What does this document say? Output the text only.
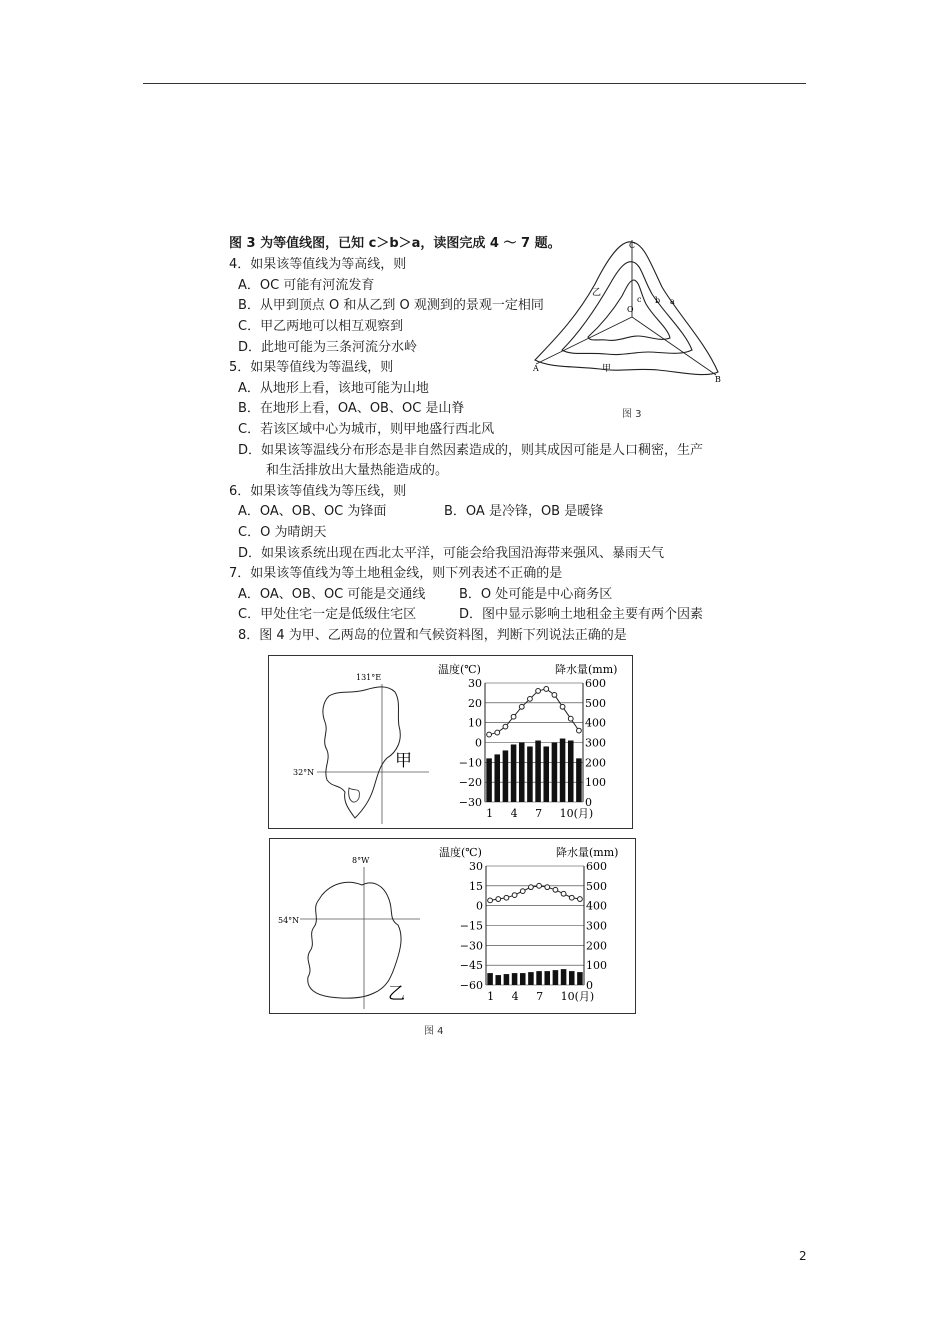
C
c b a
O
乙
甲
A
B
图 3
图 3 为等值线图，已知 c＞b＞a，读图完成 4 ～ 7 题。
4．如果该等值线为等高线，则
A．OC 可能有河流发育
B．从甲到顶点 O 和从乙到 O 观测到的景观一定相同
C．甲乙两地可以相互观察到
D．此地可能为三条河流分水岭
5．如果等值线为等温线，则
A．从地形上看，该地可能为山地
B．在地形上看，OA、OB、OC 是山脊
C．若该区域中心为城市，则甲地盛行西北风
D．如果该等温线分布形态是非自然因素造成的，则其成因可能是人口稠密，生产
和生活排放出大量热能造成的。
6．如果该等值线为等压线，则
A．OA、OB、OC 为锋面	B．OA 是冷锋，OB 是暖锋
C．O 为晴朗天
D．如果该系统出现在西北太平洋，可能会给我国沿海带来强风、暴雨天气
7．如果该等值线为等土地租金线，则下列表述不正确的是
A．OA、OB、OC 可能是交通线	B．O 处可能是中心商务区
C．甲处住宅一定是低级住宅区	D．图中显示影响土地租金主要有两个因素
8．图 4 为甲、乙两岛的位置和气候资料图，判断下列说法正确的是
131°E
32°N
甲
温度(℃)	降水量(mm)
30	600
20	500
10	400
0	300
−10	200
−20	100
−30	0
1 4 7 10(月)
8°W
54°N
乙
温度(℃)	降水量(mm)
30	600
15	500
0	400
−15	300
−30	200
−45	100
−60	0
1 4 7 10(月)
图 4
2
